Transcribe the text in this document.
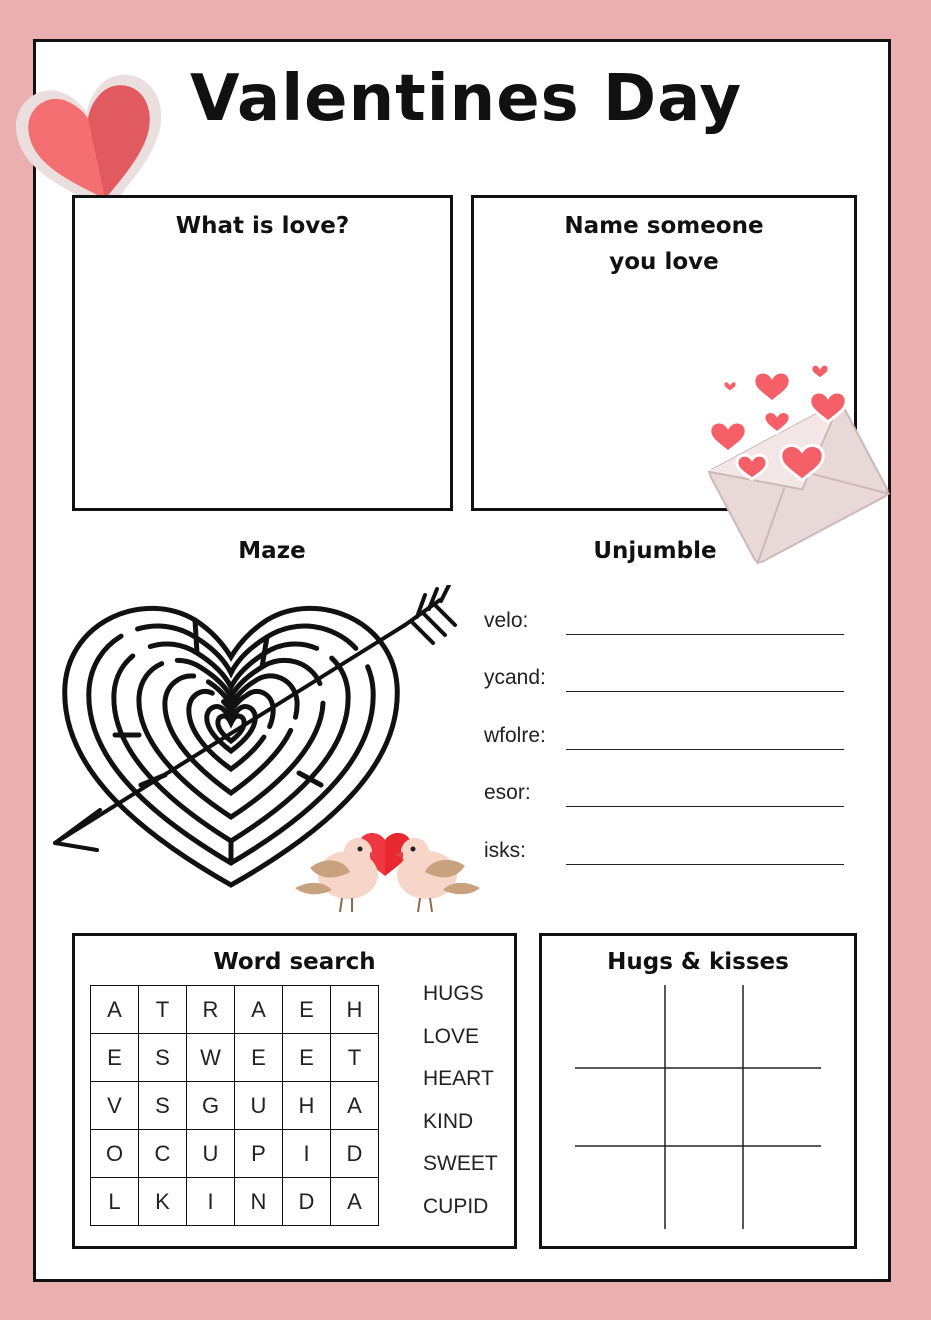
Valentines Day
What is love?	Name someone
you love
Maze	Unjumble
velo:
ycand:
wfolre:
esor:
isks:
Word search
A	T	R	A	E	H
E	S	W	E	E	T
V	S	G	U	H	A
O	C	U	P	I	D
L	K	I	N	D	A
HUGS
LOVE
HEART
KIND
SWEET
CUPID
Hugs & kisses
